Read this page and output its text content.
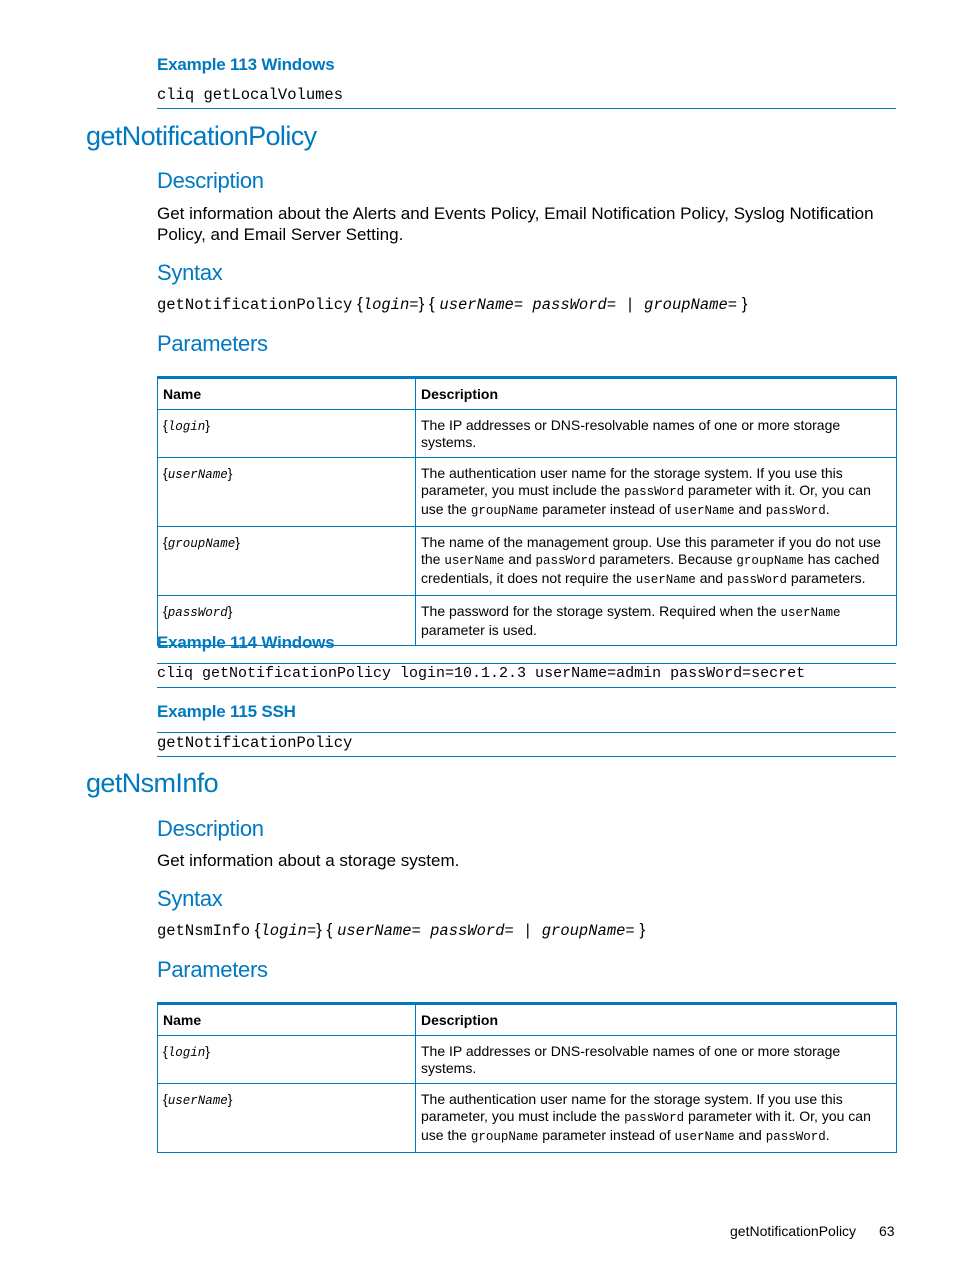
Example 113 Windows
cliq getLocalVolumes
getNotificationPolicy
Description
Get information about the Alerts and Events Policy, Email Notification Policy, Syslog Notification Policy, and Email Server Setting.
Syntax
getNotificationPolicy {login=} { userName= passWord= | groupName= }
Parameters
Name	Description
{login}	The IP addresses or DNS-resolvable names of one or more storage systems.
{userName}	The authentication user name for the storage system. If you use this parameter, you must include the passWord parameter with it. Or, you can use the groupName parameter instead of userName and passWord.
{groupName}	The name of the management group. Use this parameter if you do not use the userName and passWord parameters. Because groupName has cached credentials, it does not require the userName and passWord parameters.
{passWord}	The password for the storage system. Required when the userName parameter is used.
Example 114 Windows
cliq getNotificationPolicy login=10.1.2.3 userName=admin passWord=secret
Example 115 SSH
getNotificationPolicy
getNsmInfo
Description
Get information about a storage system.
Syntax
getNsmInfo {login=} { userName= passWord= | groupName= }
Parameters
Name	Description
{login}	The IP addresses or DNS-resolvable names of one or more storage systems.
{userName}	The authentication user name for the storage system. If you use this parameter, you must include the passWord parameter with it. Or, you can use the groupName parameter instead of userName and passWord.
getNotificationPolicy 63
